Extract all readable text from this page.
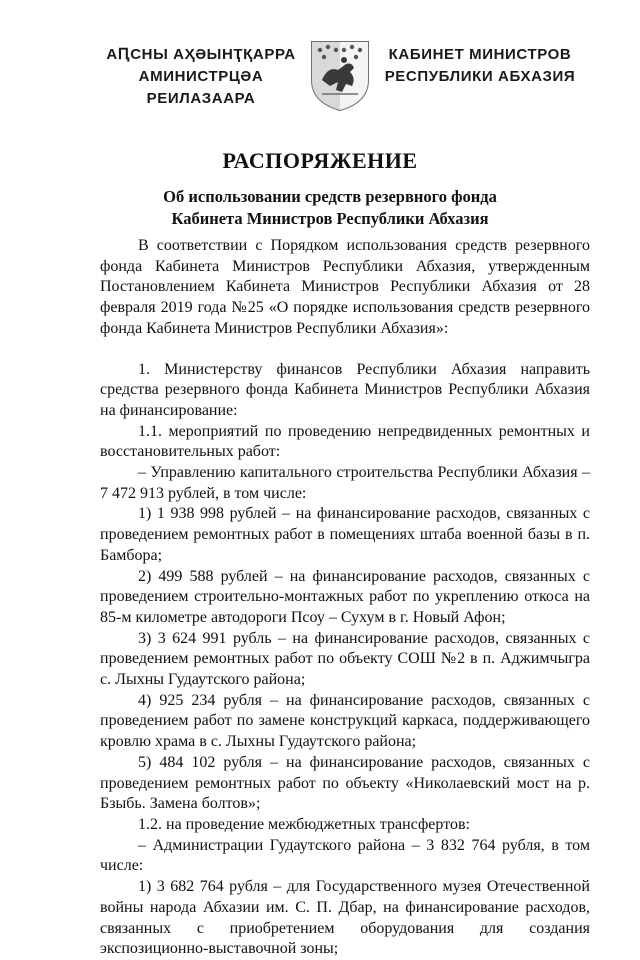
АԤСНЫ АҲӘЫНҬҚАРРА
АМИНИСТРЦӘА РЕИЛАЗААРА
КАБИНЕТ МИНИСТРОВ
РЕСПУБЛИКИ АБХАЗИЯ
РАСПОРЯЖЕНИЕ
Об использовании средств резервного фонда
Кабинета Министров Республики Абхазия

В соответствии с Порядком использования средств резервного фонда Кабинета Министров Республики Абхазия, утвержденным Постановлением Кабинета Министров Республики Абхазия от 28 февраля 2019 года №25 «О порядке использования средств резервного фонда Кабинета Министров Республики Абхазия»:

1. Министерству финансов Республики Абхазия направить средства резервного фонда Кабинета Министров Республики Абхазия на финансирование:

1.1. мероприятий по проведению непредвиденных ремонтных и восстановительных работ:

– Управлению капитального строительства Республики Абхазия – 7 472 913 рублей, в том числе:

1) 1 938 998 рублей – на финансирование расходов, связанных с проведением ремонтных работ в помещениях штаба военной базы в п. Бамбора;

2) 499 588 рублей – на финансирование расходов, связанных с проведением строительно-монтажных работ по укреплению откоса на 85-м километре автодороги Псоу – Сухум в г. Новый Афон;

3) 3 624 991 рубль – на финансирование расходов, связанных с проведением ремонтных работ по объекту СОШ №2 в п. Аджимчыгра с. Лыхны Гудаутского района;

4) 925 234 рубля – на финансирование расходов, связанных с проведением работ по замене конструкций каркаса, поддерживающего кровлю храма в с. Лыхны Гудаутского района;

5) 484 102 рубля – на финансирование расходов, связанных с проведением ремонтных работ по объекту «Николаевский мост на р. Бзыбь. Замена болтов»;

1.2. на проведение межбюджетных трансфертов:

– Администрации Гудаутского района – 3 832 764 рубля, в том числе:

1) 3 682 764 рубля – для Государственного музея Отечественной войны народа Абхазии им. С. П. Дбар, на финансирование расходов, связанных с приобретением оборудования для создания экспозиционно-выставочной зоны;
